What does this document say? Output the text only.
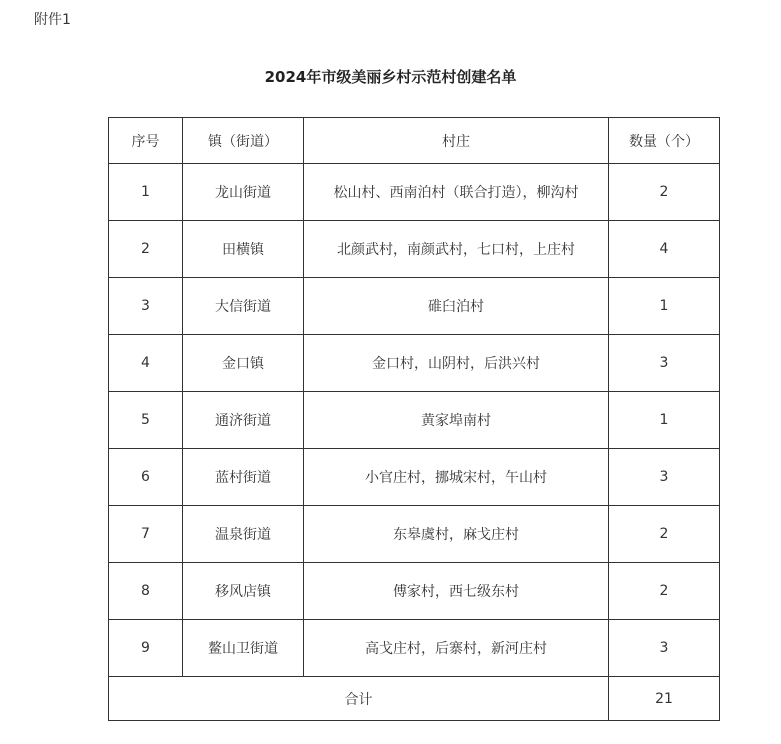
附件1
2024年市级美丽乡村示范村创建名单
序号	镇（街道）	村庄	数量（个）
1	龙山街道	松山村、西南泊村（联合打造），柳沟村	2
2	田横镇	北颜武村，南颜武村，七口村，上庄村	4
3	大信街道	碓臼泊村	1
4	金口镇	金口村，山阴村，后洪兴村	3
5	通济街道	黄家埠南村	1
6	蓝村街道	小官庄村，挪城宋村，午山村	3
7	温泉街道	东皋虞村，麻戈庄村	2
8	移风店镇	傅家村，西七级东村	2
9	鳌山卫街道	高戈庄村，后寨村，新河庄村	3
合计			21
